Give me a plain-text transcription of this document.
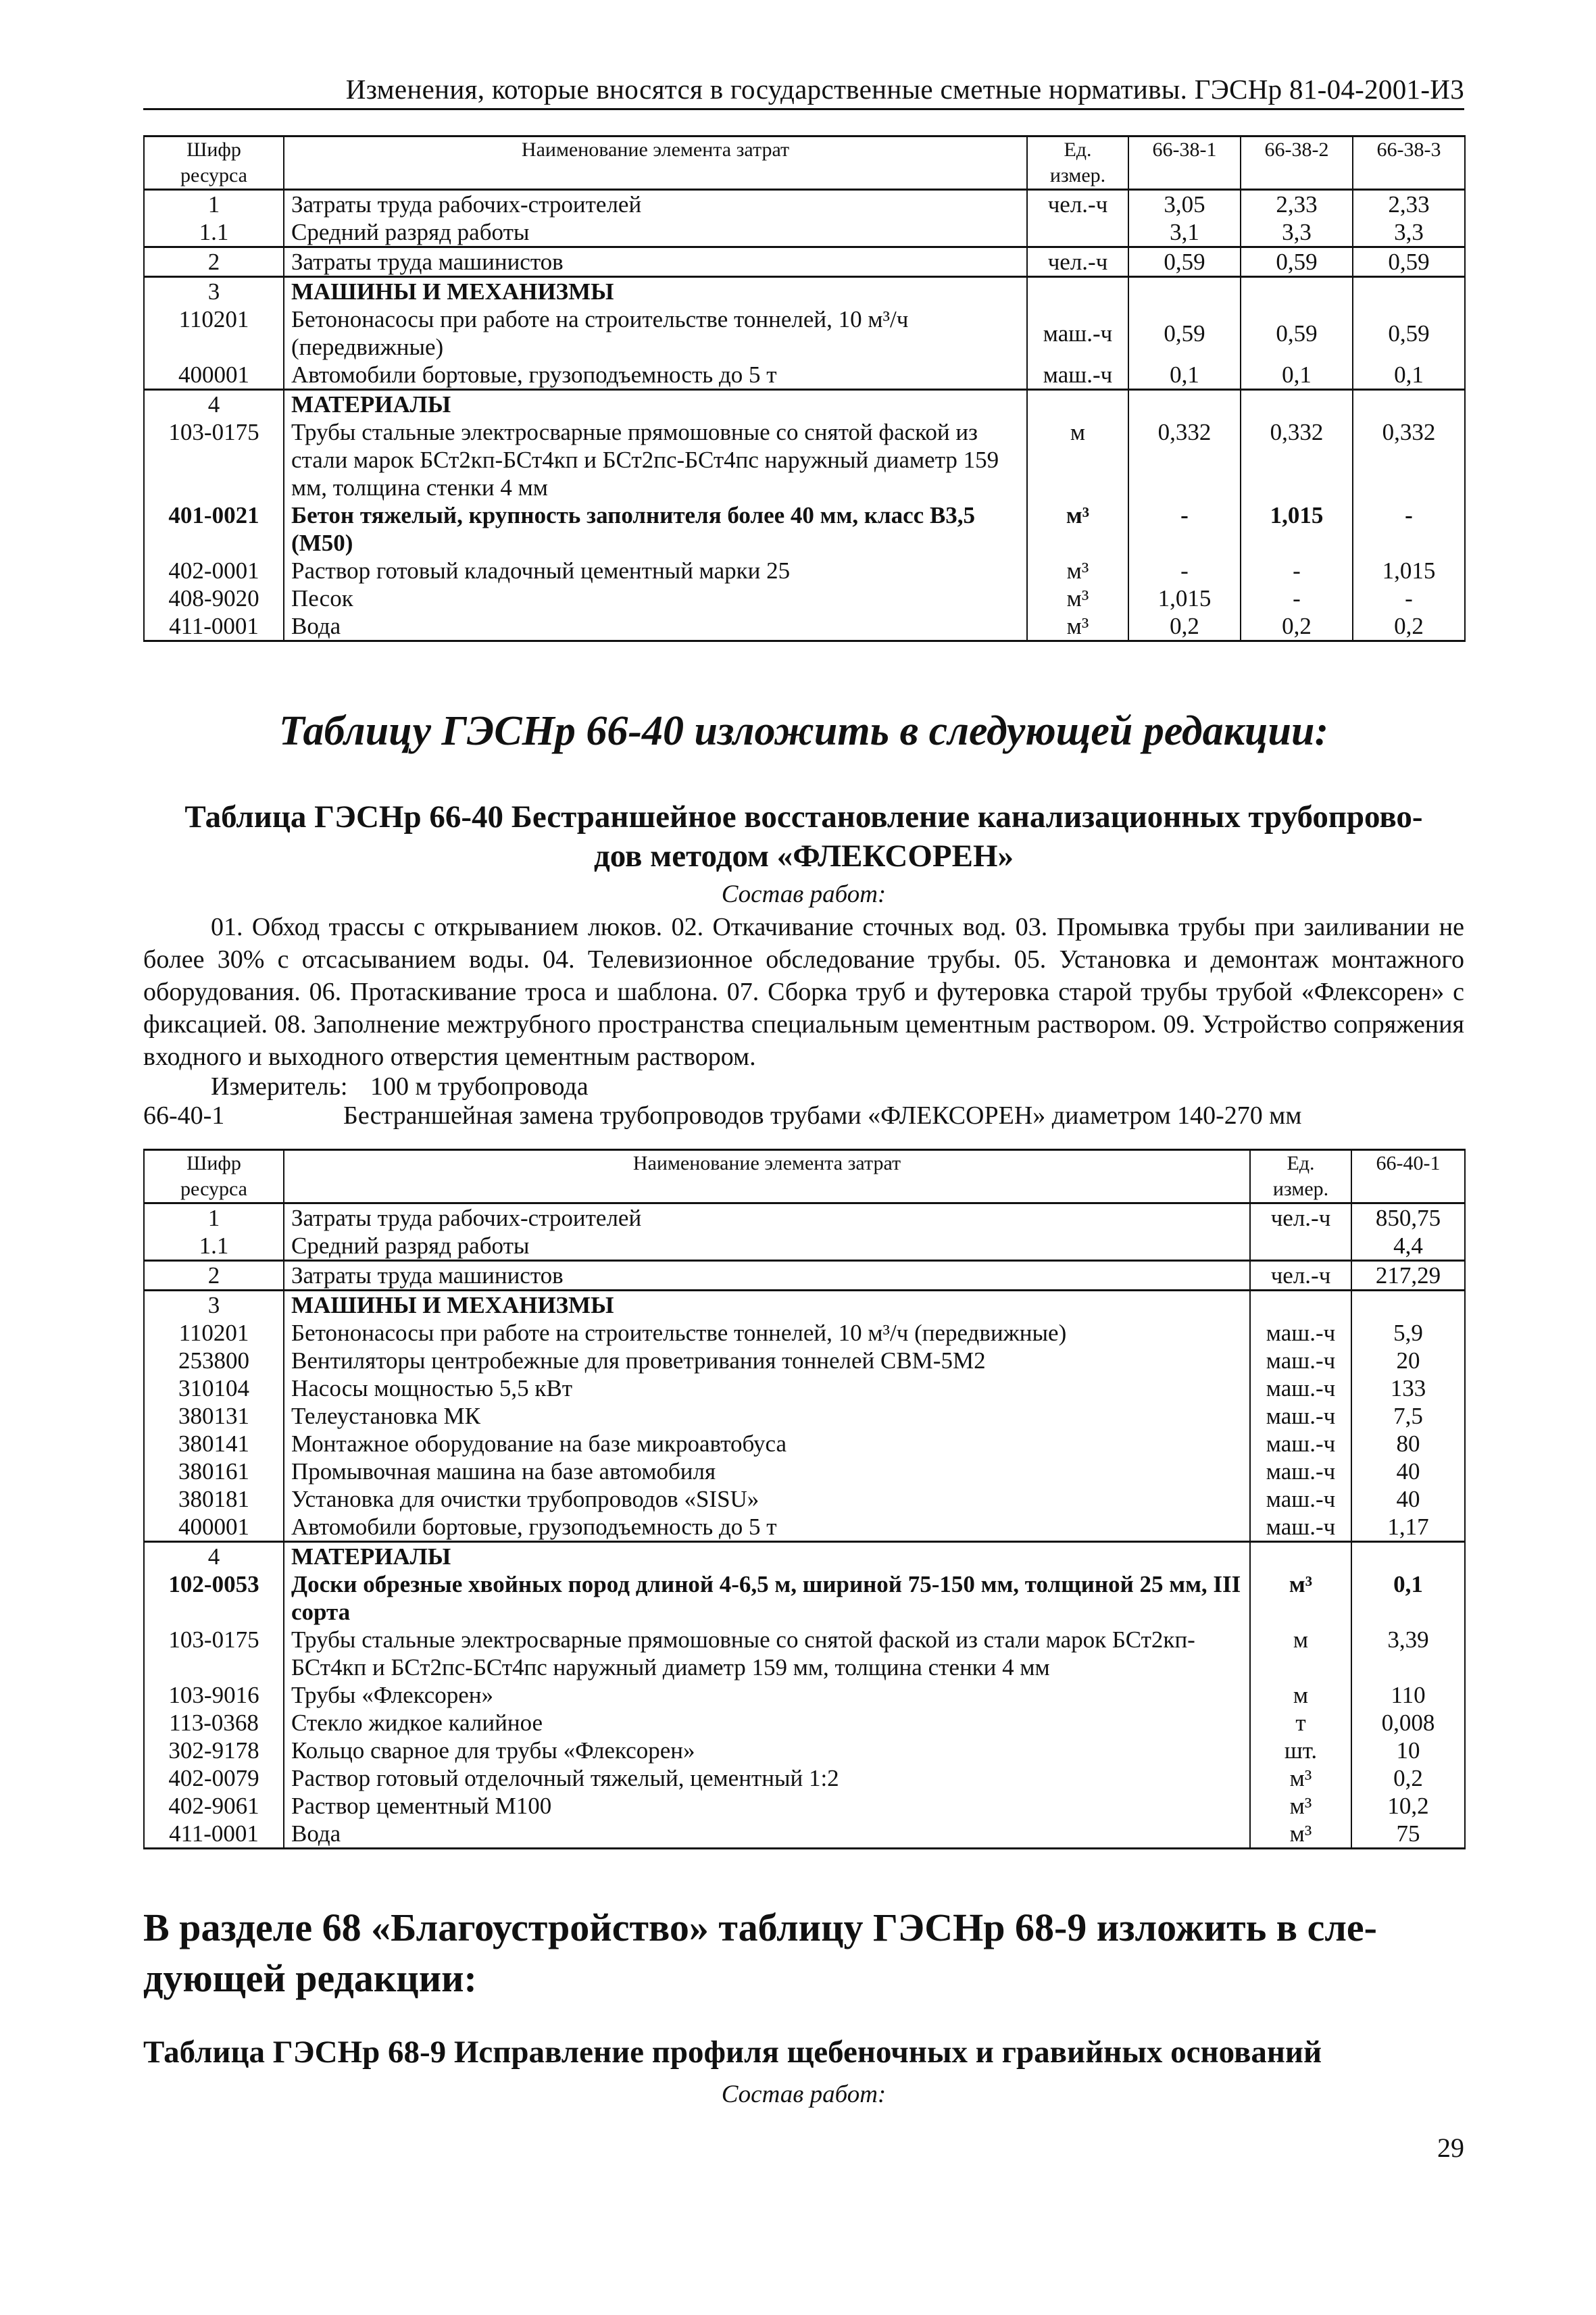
Изменения, которые вносятся в государственные сметные нормативы. ГЭСНр 81-04-2001-И3
Шифр ресурса	Наименование элемента затрат	Ед. измер.	66-38-1	66-38-2	66-38-3
1	Затраты труда рабочих-строителей	чел.-ч	3,05	2,33	2,33
1.1	Средний разряд работы		3,1	3,3	3,3
2	Затраты труда машинистов	чел.-ч	0,59	0,59	0,59
3	МАШИНЫ И МЕХАНИЗМЫ				
110201	Бетононасосы при работе на строительстве тоннелей, 10 м³/ч (передвижные)	маш.-ч	0,59	0,59	0,59
400001	Автомобили бортовые, грузоподъемность до 5 т	маш.-ч	0,1	0,1	0,1
4	МАТЕРИАЛЫ				
103-0175	Трубы стальные электросварные прямошовные со снятой фаской из стали марок БСт2кп-БСт4кп и БСт2пс-БСт4пс наружный диаметр 159 мм, толщина стенки 4 мм	м	0,332	0,332	0,332
401-0021	Бетон тяжелый, крупность заполнителя более 40 мм, класс B3,5 (M50)	м³	-	1,015	-
402-0001	Раствор готовый кладочный цементный марки 25	м³	-	-	1,015
408-9020	Песок	м³	1,015	-	-
411-0001	Вода	м³	0,2	0,2	0,2
Таблицу ГЭСНр 66-40 изложить в следующей редакции:
Таблица ГЭСНр 66-40 Бестраншейное восстановление канализационных трубопрово-
дов методом «ФЛЕКСОРЕН»
Состав работ:
01. Обход трассы с открыванием люков. 02. Откачивание сточных вод. 03. Промывка трубы при заиливании не более 30% с отсасыванием воды. 04. Телевизионное обследование трубы. 05. Установка и демонтаж монтажного оборудования. 06. Протаскивание троса и шаблона. 07. Сборка труб и футеровка старой трубы трубой «Флексорен» с фиксацией. 08. Заполнение межтрубного пространства специальным цементным раствором. 09. Устройство сопряжения входного и выходного отверстия цементным раствором.
Измеритель: 100 м трубопровода
66-40-1	Бестраншейная замена трубопроводов трубами «ФЛЕКСОРЕН» диаметром 140-270 мм
Шифр ресурса	Наименование элемента затрат	Ед. измер.	66-40-1
1	Затраты труда рабочих-строителей	чел.-ч	850,75
1.1	Средний разряд работы		4,4
2	Затраты труда машинистов	чел.-ч	217,29
3	МАШИНЫ И МЕХАНИЗМЫ		
110201	Бетононасосы при работе на строительстве тоннелей, 10 м³/ч (передвижные)	маш.-ч	5,9
253800	Вентиляторы центробежные для проветривания тоннелей СВМ-5М2	маш.-ч	20
310104	Насосы мощностью 5,5 кВт	маш.-ч	133
380131	Телеустановка МК	маш.-ч	7,5
380141	Монтажное оборудование на базе микроавтобуса	маш.-ч	80
380161	Промывочная машина на базе автомобиля	маш.-ч	40
380181	Установка для очистки трубопроводов «SISU»	маш.-ч	40
400001	Автомобили бортовые, грузоподъемность до 5 т	маш.-ч	1,17
4	МАТЕРИАЛЫ		
102-0053	Доски обрезные хвойных пород длиной 4-6,5 м, шириной 75-150 мм, толщиной 25 мм, III сорта	м³	0,1
103-0175	Трубы стальные электросварные прямошовные со снятой фаской из стали марок БСт2кп-БСт4кп и БСт2пс-БСт4пс наружный диаметр 159 мм, толщина стенки 4 мм	м	3,39
103-9016	Трубы «Флексорен»	м	110
113-0368	Стекло жидкое калийное	т	0,008
302-9178	Кольцо сварное для трубы «Флексорен»	шт.	10
402-0079	Раствор готовый отделочный тяжелый, цементный 1:2	м³	0,2
402-9061	Раствор цементный М100	м³	10,2
411-0001	Вода	м³	75
В разделе 68 «Благоустройство» таблицу ГЭСНр 68-9 изложить в сле-
дующей редакции:
Таблица ГЭСНр 68-9 Исправление профиля щебеночных и гравийных оснований
Состав работ:
29
